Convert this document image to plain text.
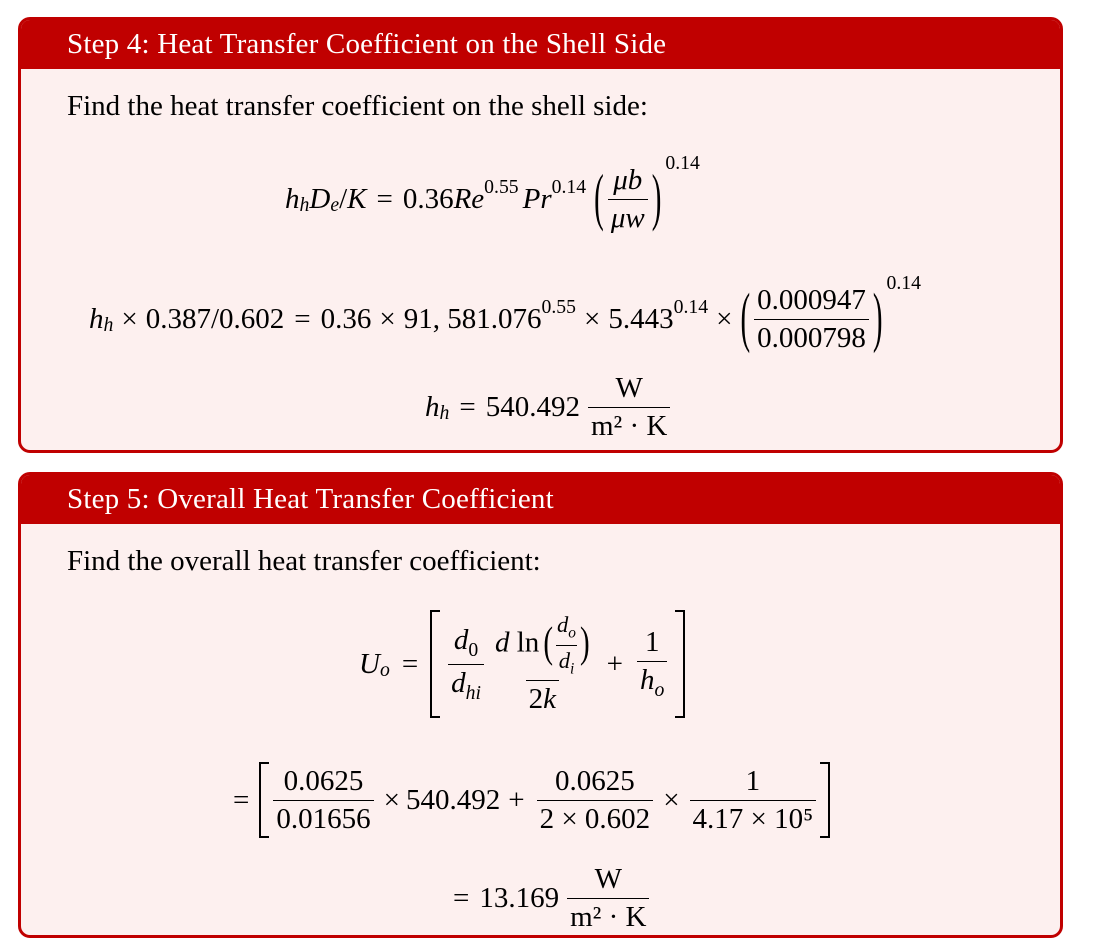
Step 4: Heat Transfer Coefficient on the Shell Side
Find the heat transfer coefficient on the shell side:
$h_h$ $D_e / K = 0.36$ $Re^{0.55}$ $Pr^{0.14}$ ( $\frac{\mu b}{\mu w}$ )
$^{0.14}$
$h_h \times 0.387 / 0.602 = 0.36 \times 91$, $581.076^{0.55} \times 5.443^{0.14}$ × ( $\frac{0.000947}{0.000798} )^{0.14}$
$h_h = 540.492 \frac{W}{\text{m² · K}}$
Step 5: Overall Heat Transfer Coefficient
Find the overall heat transfer coefficient:
$U_o = \frac{d_0}{d_{hi}} \frac{d \ln ( \frac{d_o}{d_i} )}{2k} + \frac{1}{h_o}$
= $\frac{0.0625}{0.01656} \times 540.492 + \frac{0.0625}{2 \times 0.602} \times \frac{1}{\text{4.17 × 10⁵}}$
= $13.169 \frac{W}{\text{m² · K}}$
